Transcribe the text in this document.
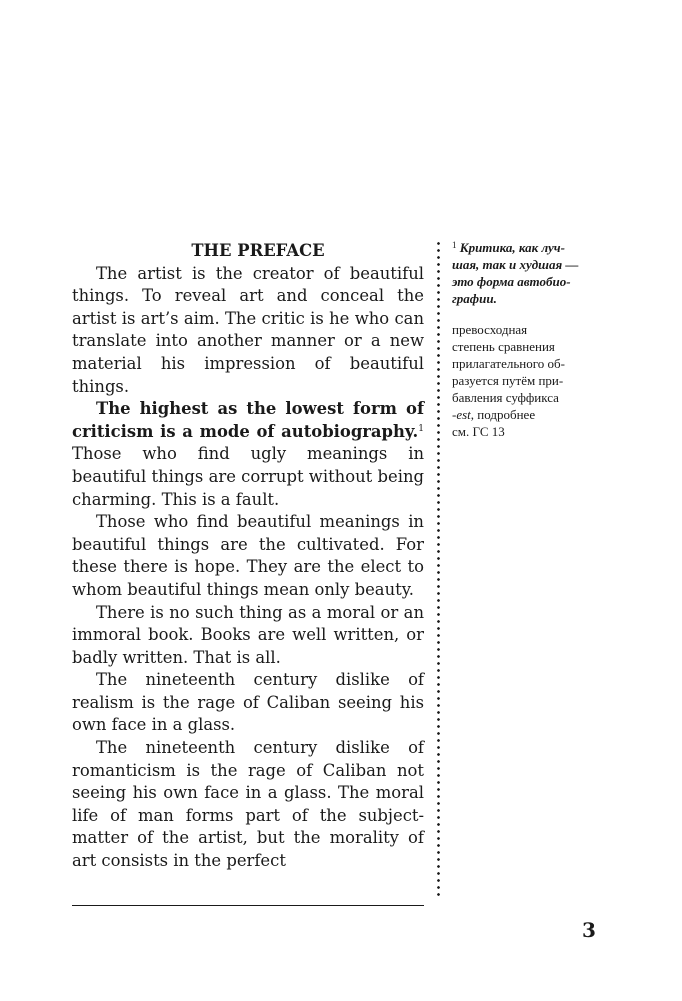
THE PREFACE

The artist is the creator of beautiful things. To reveal art and conceal the artist is art’s aim. The critic is he who can translate into another manner or a new material his impression of beautiful things.

The highest as the lowest form of criticism is a mode of autobiography.$^1$ Those who find ugly meanings in beautiful things are corrupt without being charming. This is a fault.

Those who find beautiful meanings in beautiful things are the cultivated. For these there is hope. They are the elect to whom beautiful things mean only beauty.

There is no such thing as a moral or an immoral book. Books are well written, or badly written. That is all.

The nineteenth century dislike of realism is the rage of Caliban seeing his own face in a glass.

The nineteenth century dislike of romanticism is the rage of Caliban not seeing his own face in a glass. The moral life of man forms part of the subject-matter of the artist, but the morality of art consists in the perfect

$^1$ Критика, как луч-
шая, так и худшая —
это форма автобио-
графии.

превосходная
степень сравнения
прилагательного об-
разуется путём при-
бавления суффикса
-est, подробнее
см. ГС 13

3
